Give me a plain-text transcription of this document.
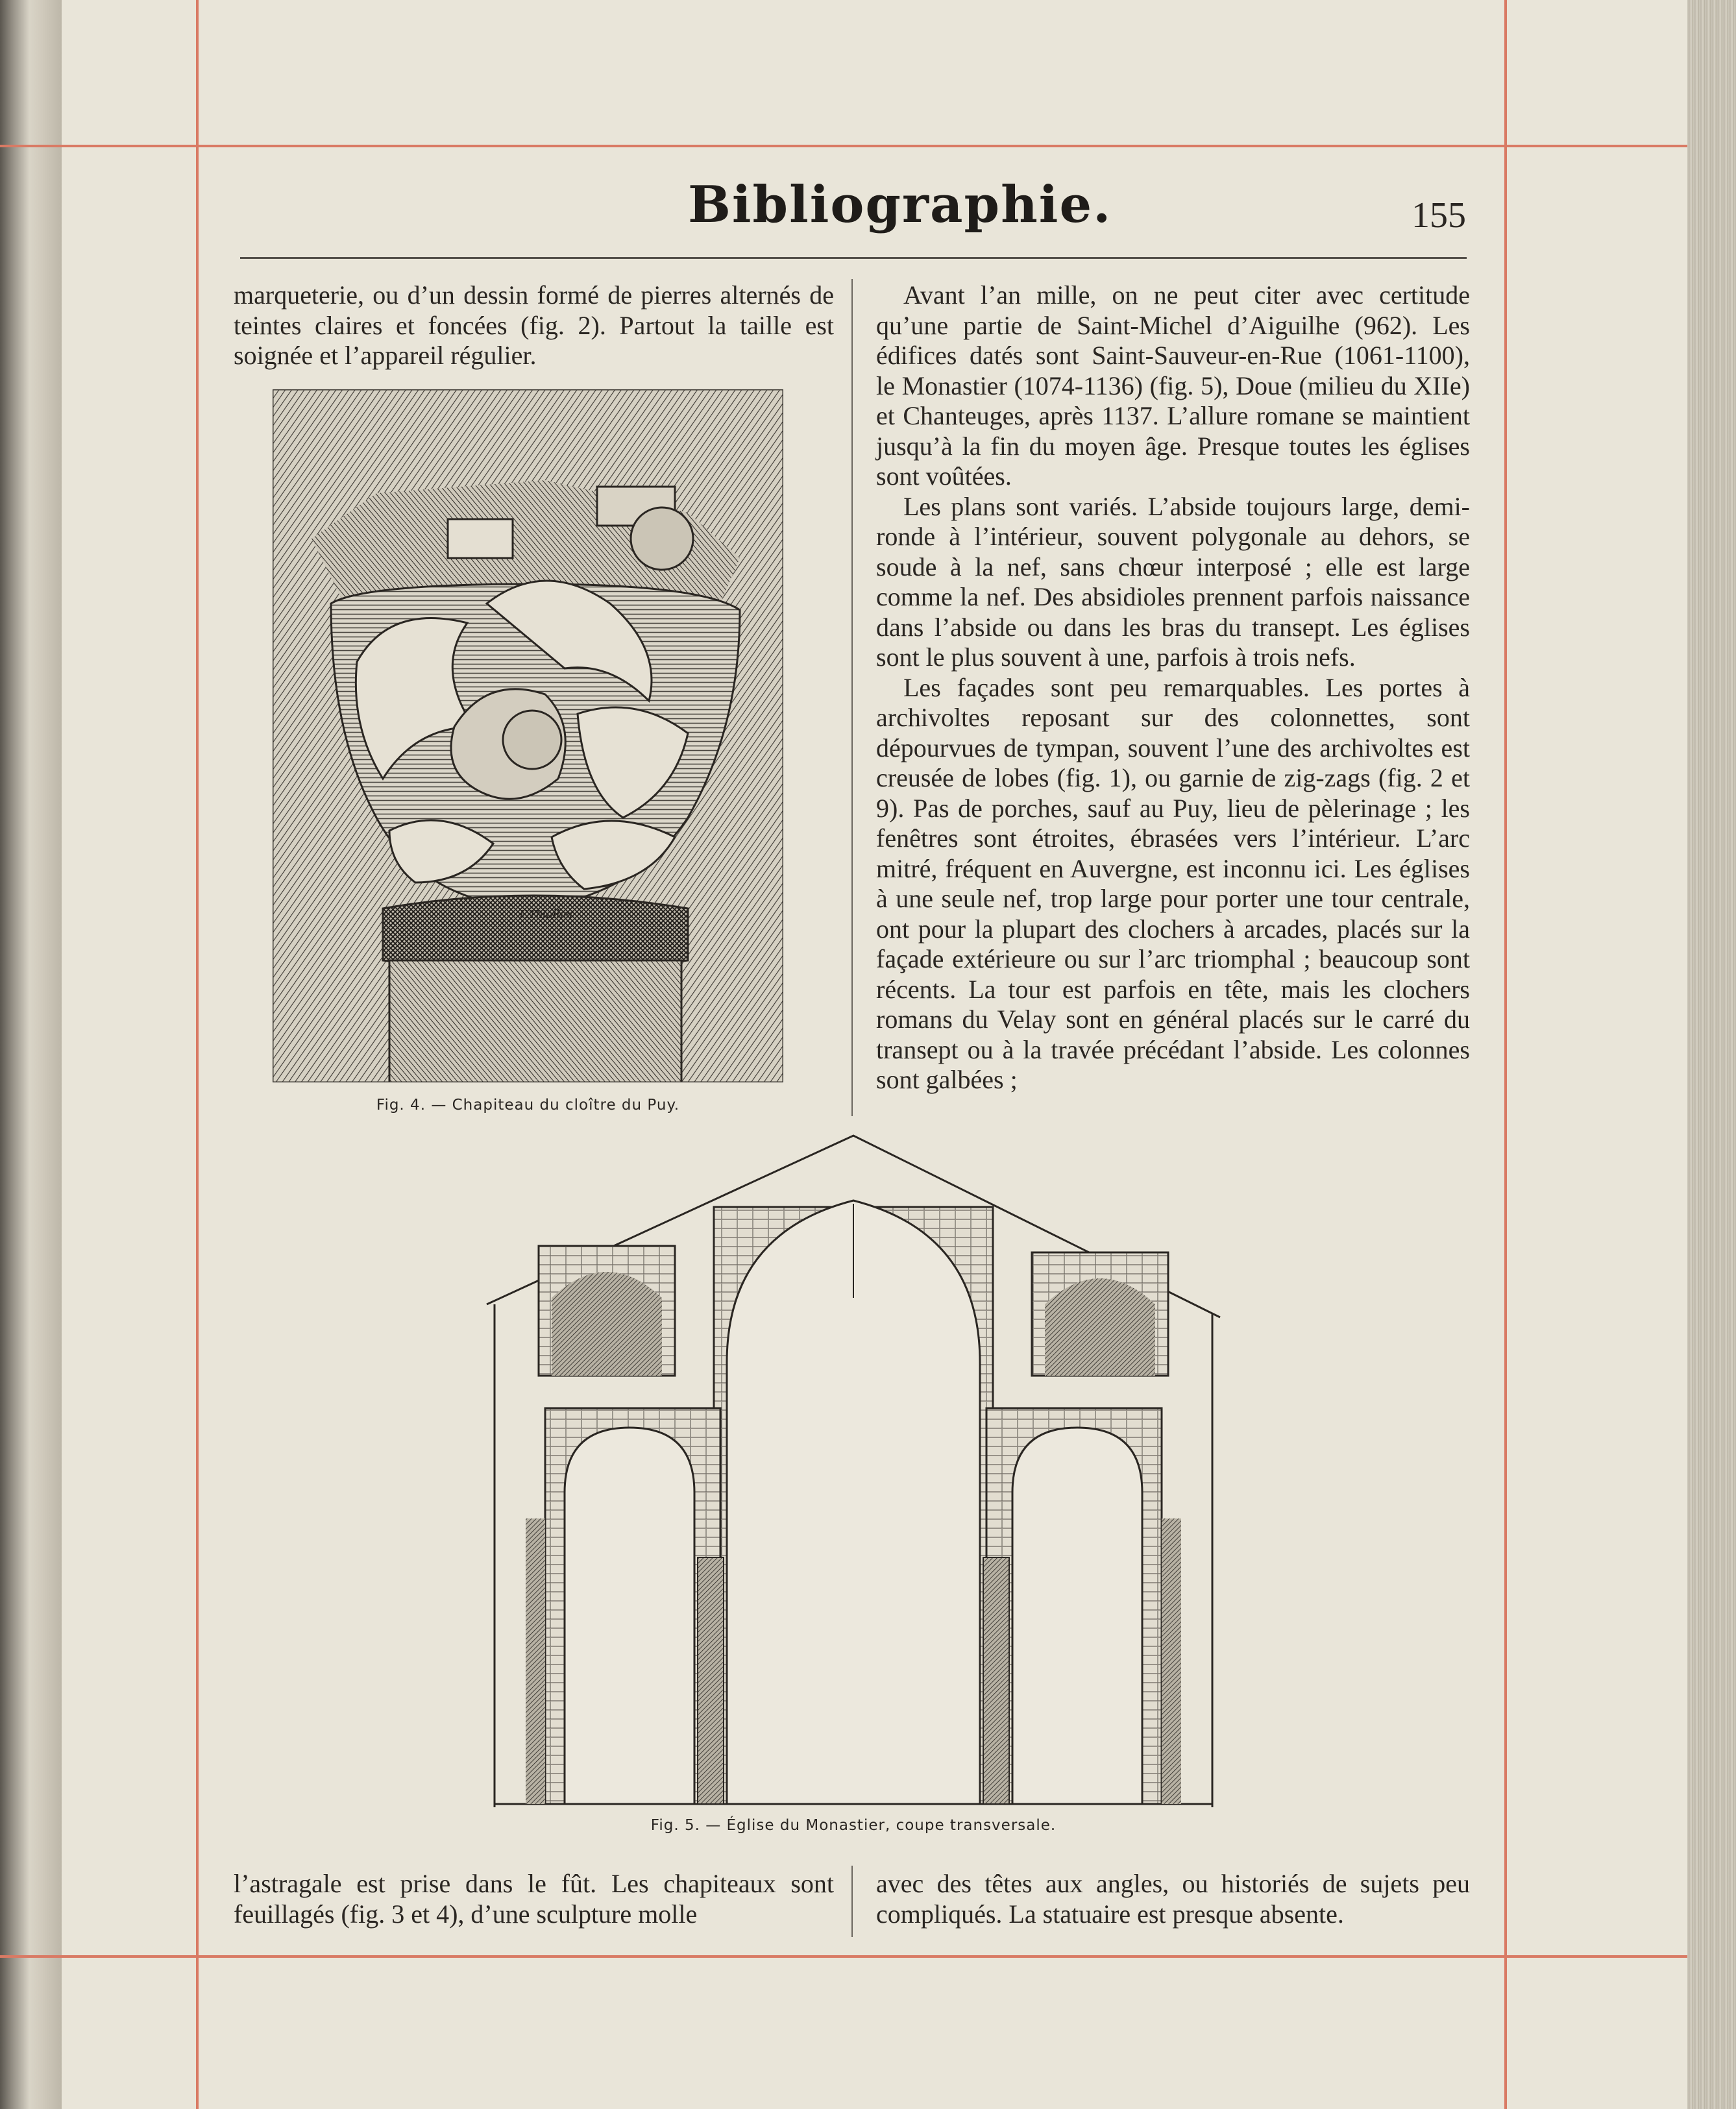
Bibliographie.	155

marqueterie, ou d’un dessin formé de pierres alternés de teintes claires et foncées (fig. 2). Partout la taille est soignée et l’appareil régulier.

F.Thiollier
Fig. 4. — Chapiteau du cloître du Puy.

Avant l’an mille, on ne peut citer avec certitude qu’une partie de Saint-Michel d’Aiguilhe (962). Les édifices datés sont Saint-Sauveur-en-Rue (1061-1100), le Monastier (1074-1136) (fig. 5), Doue (milieu du XIIe) et Chanteuges, après 1137. L’allure romane se maintient jusqu’à la fin du moyen âge. Presque toutes les églises sont voûtées.

Les plans sont variés. L’abside toujours large, demi-ronde à l’intérieur, souvent polygonale au dehors, se soude à la nef, sans chœur interposé ; elle est large comme la nef. Des absidioles prennent parfois naissance dans l’abside ou dans les bras du transept. Les églises sont le plus souvent à une, parfois à trois nefs.

Les façades sont peu remarquables. Les portes à archivoltes reposant sur des colonnettes, sont dépourvues de tympan, souvent l’une des archivoltes est creusée de lobes (fig. 1), ou garnie de zig-zags (fig. 2 et 9). Pas de porches, sauf au Puy, lieu de pèlerinage ; les fenêtres sont étroites, ébrasées vers l’intérieur. L’arc mitré, fréquent en Auvergne, est inconnu ici. Les églises à une seule nef, trop large pour porter une tour centrale, ont pour la plupart des clochers à arcades, placés sur la façade extérieure ou sur l’arc triomphal ; beaucoup sont récents. La tour est parfois en tête, mais les clochers romans du Velay sont en général placés sur le carré du transept ou à la travée précédant l’abside. Les colonnes sont galbées ;

Fig. 5. — Église du Monastier, coupe transversale.

l’astragale est prise dans le fût. Les chapiteaux sont feuillagés (fig. 3 et 4), d’une sculpture molle

avec des têtes aux angles, ou historiés de sujets peu compliqués. La statuaire est presque absente.
